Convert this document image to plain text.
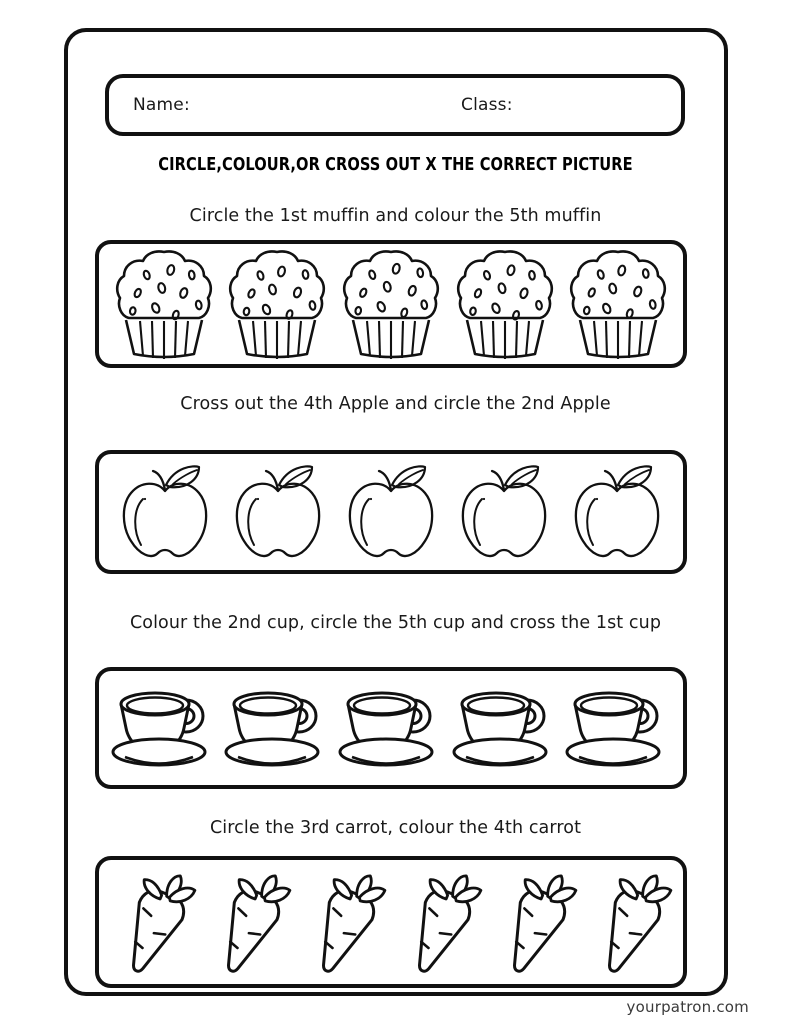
Name:	Class:
CIRCLE,COLOUR,OR CROSS OUT X THE CORRECT PICTURE
Circle the 1st muffin and colour the 5th muffin
Cross out the 4th Apple and circle the 2nd Apple
Colour the 2nd cup, circle the 5th cup and cross the 1st cup
Circle the 3rd carrot, colour the 4th carrot
yourpatron.com
